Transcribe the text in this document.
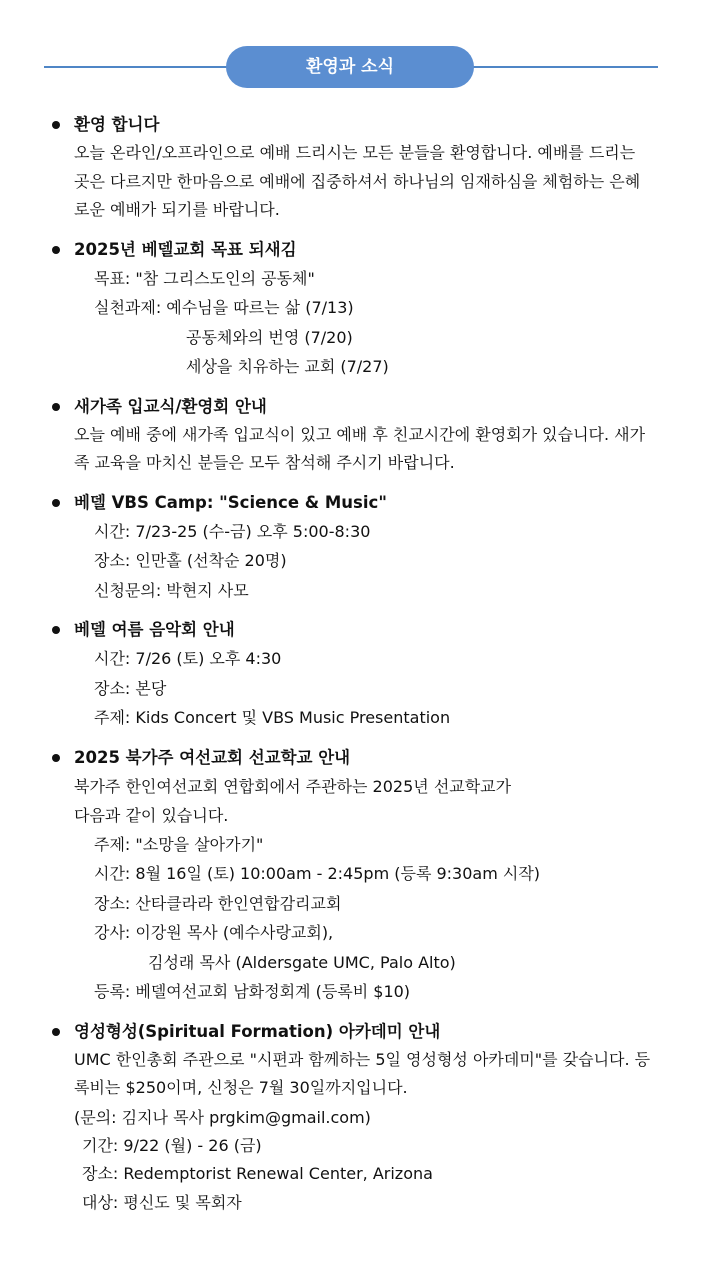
환영과 소식
환영 합니다
오늘 온라인/오프라인으로 예배 드리시는 모든 분들을 환영합니다. 예배를 드리는 곳은 다르지만 한마음으로 예배에 집중하셔서 하나님의 임재하심을 체험하는 은혜로운 예배가 되기를 바랍니다.
2025년 베델교회 목표 되새김
목표: "참 그리스도인의 공동체"
실천과제: 예수님을 따르는 삶 (7/13)
공동체와의 번영 (7/20)
세상을 치유하는 교회 (7/27)
새가족 입교식/환영회 안내
오늘 예배 중에 새가족 입교식이 있고 예배 후 친교시간에 환영회가 있습니다. 새가족 교육을 마치신 분들은 모두 참석해 주시기 바랍니다.
베델 VBS Camp: "Science & Music"
시간: 7/23-25 (수-금) 오후 5:00-8:30
장소: 인만홀 (선착순 20명)
신청문의: 박현지 사모
베델 여름 음악회 안내
시간: 7/26 (토) 오후 4:30
장소: 본당
주제: Kids Concert 및 VBS Music Presentation
2025 북가주 여선교회 선교학교 안내
북가주 한인여선교회 연합회에서 주관하는 2025년 선교학교가
다음과 같이 있습니다.
주제: "소망을 살아가기"
시간: 8월 16일 (토) 10:00am - 2:45pm (등록 9:30am 시작)
장소: 산타클라라 한인연합감리교회
강사: 이강원 목사 (예수사랑교회),
김성래 목사 (Aldersgate UMC, Palo Alto)
등록: 베델여선교회 남화정회계 (등록비 $10)
영성형성(Spiritual Formation) 아카데미 안내
UMC 한인총회 주관으로 "시편과 함께하는 5일 영성형성 아카데미"를 갖습니다. 등록비는 $250이며, 신청은 7월 30일까지입니다.
(문의: 김지나 목사 prgkim@gmail.com)
기간: 9/22 (월) - 26 (금)
장소: Redemptorist Renewal Center, Arizona
대상: 평신도 및 목회자
